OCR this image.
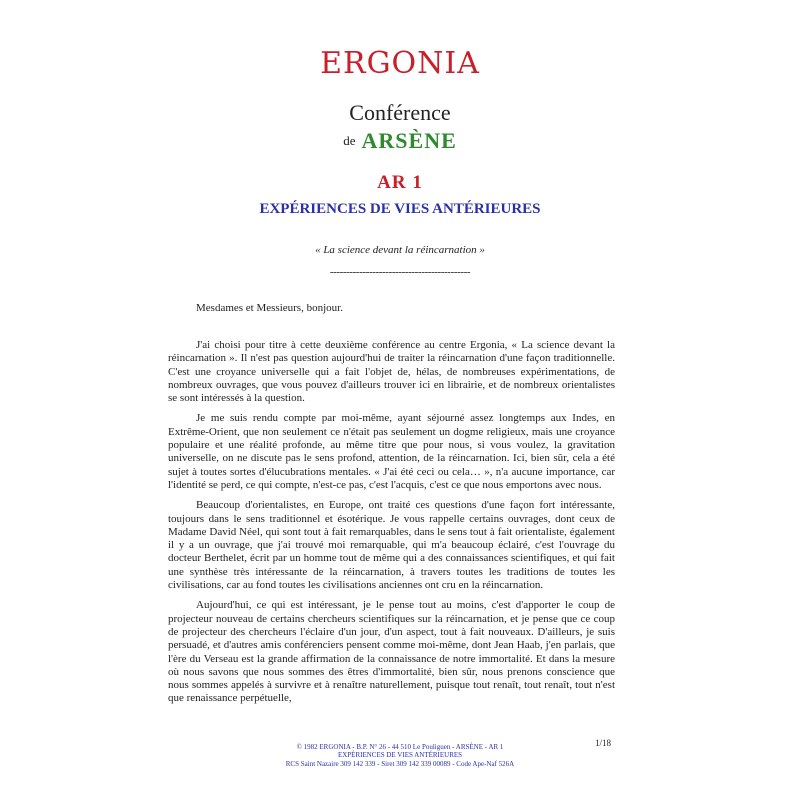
ERGONIA
Conférence
de ARSÈNE
AR 1
EXPÉRIENCES DE VIES ANTÉRIEURES
« La science devant la réincarnation »
-------------------------------------------
Mesdames et Messieurs, bonjour.

J'ai choisi pour titre à cette deuxième conférence au centre Ergonia, « La science devant la réincarnation ». Il n'est pas question aujourd'hui de traiter la réincarnation d'une façon traditionnelle. C'est une croyance universelle qui a fait l'objet de, hélas, de nombreuses expérimentations, de nombreux ouvrages, que vous pouvez d'ailleurs trouver ici en librairie, et de nombreux orientalistes se sont intéressés à la question.

Je me suis rendu compte par moi-même, ayant séjourné assez longtemps aux Indes, en Extrême-Orient, que non seulement ce n'était pas seulement un dogme religieux, mais une croyance populaire et une réalité profonde, au même titre que pour nous, si vous voulez, la gravitation universelle, on ne discute pas le sens profond, attention, de la réincarnation. Ici, bien sûr, cela a été sujet à toutes sortes d'élucubrations mentales. « J'ai été ceci ou cela… », n'a aucune importance, car l'identité se perd, ce qui compte, n'est-ce pas, c'est l'acquis, c'est ce que nous emportons avec nous.

Beaucoup d'orientalistes, en Europe, ont traité ces questions d'une façon fort intéressante, toujours dans le sens traditionnel et ésotérique. Je vous rappelle certains ouvrages, dont ceux de Madame David Néel, qui sont tout à fait remarquables, dans le sens tout à fait orientaliste, également il y a un ouvrage, que j'ai trouvé moi remarquable, qui m'a beaucoup éclairé, c'est l'ouvrage du docteur Berthelet, écrit par un homme tout de même qui a des connaissances scientifiques, et qui fait une synthèse très intéressante de la réincarnation, à travers toutes les traditions de toutes les civilisations, car au fond toutes les civilisations anciennes ont cru en la réincarnation.

Aujourd'hui, ce qui est intéressant, je le pense tout au moins, c'est d'apporter le coup de projecteur nouveau de certains chercheurs scientifiques sur la réincarnation, et je pense que ce coup de projecteur des chercheurs l'éclaire d'un jour, d'un aspect, tout à fait nouveaux. D'ailleurs, je suis persuadé, et d'autres amis conférenciers pensent comme moi-même, dont Jean Haab, j'en parlais, que l'ère du Verseau est la grande affirmation de la connaissance de notre immortalité. Et dans la mesure où nous savons que nous sommes des êtres d'immortalité, bien sûr, nous prenons conscience que nous sommes appelés à survivre et à renaître naturellement, puisque tout renaît, tout renaît, tout n'est que renaissance perpétuelle,

1/18
© 1982 ERGONIA - B.P. N° 26 - 44 510 Le Pouliguen - ARSÈNE - AR 1
EXPÉRIENCES DE VIES ANTÉRIEURES
RCS Saint Nazaire 309 142 339 - Siret 309 142 339 00089 - Code Ape-Naf 526A
